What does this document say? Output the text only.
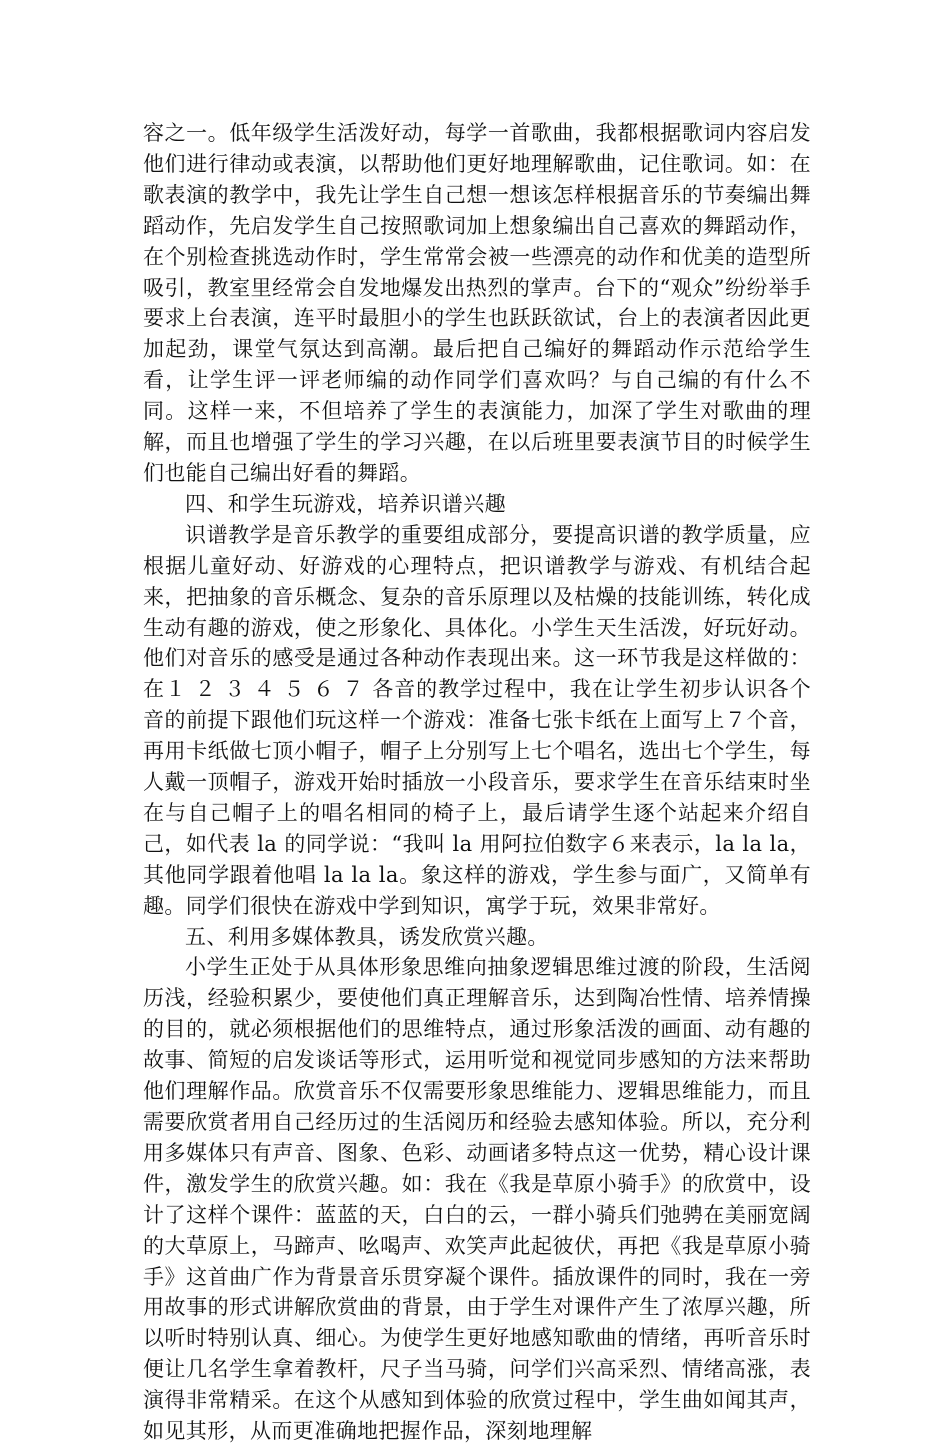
容之一。低年级学生活泼好动，每学一首歌曲，我都根据歌词内容启发他们进行律动或表演，以帮助他们更好地理解歌曲，记住歌词。如：在歌表演的教学中，我先让学生自己想一想该怎样根据音乐的节奏编出舞蹈动作，先启发学生自己按照歌词加上想象编出自己喜欢的舞蹈动作，在个别检查挑选动作时，学生常常会被一些漂亮的动作和优美的造型所吸引，教室里经常会自发地爆发出热烈的掌声。台下的“观众”纷纷举手要求上台表演，连平时最胆小的学生也跃跃欲试，台上的表演者因此更加起劲，课堂气氛达到高潮。最后把自己编好的舞蹈动作示范给学生看，让学生评一评老师编的动作同学们喜欢吗？与自己编的有什么不同。这样一来，不但培养了学生的表演能力，加深了学生对歌曲的理解，而且也增强了学生的学习兴趣，在以后班里要表演节目的时候学生们也能自己编出好看的舞蹈。

四、和学生玩游戏，培养识谱兴趣

识谱教学是音乐教学的重要组成部分，要提高识谱的教学质量，应根据儿童好动、好游戏的心理特点，把识谱教学与游戏、有机结合起来，把抽象的音乐概念、复杂的音乐原理以及枯燥的技能训练，转化成生动有趣的游戏，使之形象化、具体化。小学生天生活泼，好玩好动。他们对音乐的感受是通过各种动作表现出来。这一环节我是这样做的：在１ ２ ３ ４ ５ ６ ７ 各音的教学过程中，我在让学生初步认识各个音的前提下跟他们玩这样一个游戏：准备七张卡纸在上面写上７个音，再用卡纸做七顶小帽子，帽子上分别写上七个唱名，选出七个学生，每人戴一顶帽子，游戏开始时插放一小段音乐，要求学生在音乐结束时坐在与自己帽子上的唱名相同的椅子上，最后请学生逐个站起来介绍自己，如代表 la 的同学说：“我叫 la 用阿拉伯数字６来表示，la la la，其他同学跟着他唱 la la la。象这样的游戏，学生参与面广，又简单有趣。同学们很快在游戏中学到知识，寓学于玩，效果非常好。

五、利用多媒体教具，诱发欣赏兴趣。

小学生正处于从具体形象思维向抽象逻辑思维过渡的阶段，生活阅历浅，经验积累少，要使他们真正理解音乐，达到陶冶性情、培养情操的目的，就必须根据他们的思维特点，通过形象活泼的画面、动有趣的故事、简短的启发谈话等形式，运用听觉和视觉同步感知的方法来帮助他们理解作品。欣赏音乐不仅需要形象思维能力、逻辑思维能力，而且需要欣赏者用自己经历过的生活阅历和经验去感知体验。所以，充分利用多媒体只有声音、图象、色彩、动画诸多特点这一优势，精心设计课件，激发学生的欣赏兴趣。如：我在《我是草原小骑手》的欣赏中，设计了这样个课件：蓝蓝的天，白白的云，一群小骑兵们弛骋在美丽宽阔的大草原上，马蹄声、吆喝声、欢笑声此起彼伏，再把《我是草原小骑手》这首曲广作为背景音乐贯穿凝个课件。插放课件的同时，我在一旁用故事的形式讲解欣赏曲的背景，由于学生对课件产生了浓厚兴趣，所以听时特别认真、细心。为使学生更好地感知歌曲的情绪，再听音乐时便让几名学生拿着教杆，尺子当马骑，问学们兴高采烈、情绪高涨，表演得非常精采。在这个从感知到体验的欣赏过程中，学生曲如闻其声，如见其形，从而更准确地把握作品，深刻地理解
